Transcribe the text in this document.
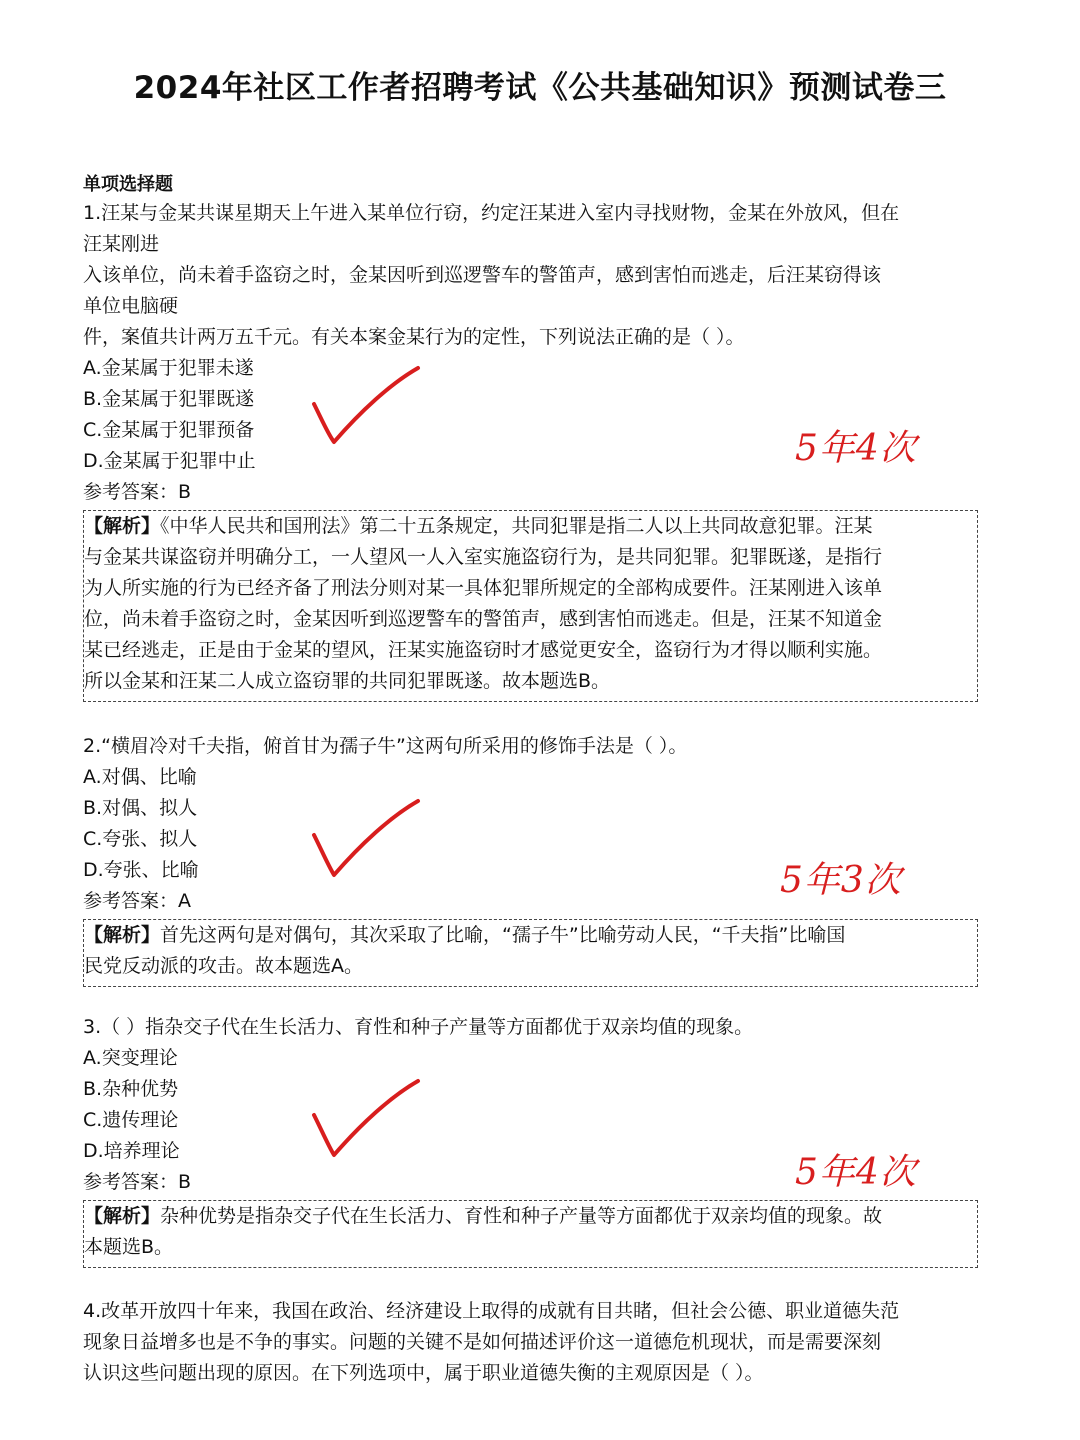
2024年社区工作者招聘考试《公共基础知识》预测试卷三
单项选择题
1.汪某与金某共谋星期天上午进入某单位行窃，约定汪某进入室内寻找财物，金某在外放风，但在
汪某刚进
入该单位，尚未着手盗窃之时，金某因听到巡逻警车的警笛声，感到害怕而逃走，后汪某窃得该
单位电脑硬
件，案值共计两万五千元。有关本案金某行为的定性，下列说法正确的是（ ）。
A.金某属于犯罪未遂
B.金某属于犯罪既遂
C.金某属于犯罪预备
D.金某属于犯罪中止
参考答案：B

【解析】《中华人民共和国刑法》第二十五条规定，共同犯罪是指二人以上共同故意犯罪。汪某

与金某共谋盗窃并明确分工，一人望风一人入室实施盗窃行为，是共同犯罪。犯罪既遂，是指行

为人所实施的行为已经齐备了刑法分则对某一具体犯罪所规定的全部构成要件。汪某刚进入该单

位，尚未着手盗窃之时，金某因听到巡逻警车的警笛声，感到害怕而逃走。但是，汪某不知道金

某已经逃走，正是由于金某的望风，汪某实施盗窃时才感觉更安全，盗窃行为才得以顺利实施。

所以金某和汪某二人成立盗窃罪的共同犯罪既遂。故本题选B。

2.“横眉冷对千夫指，俯首甘为孺子牛”这两句所采用的修饰手法是（ ）。
A.对偶、比喻
B.对偶、拟人
C.夸张、拟人
D.夸张、比喻
参考答案：A

【解析】首先这两句是对偶句，其次采取了比喻，“孺子牛”比喻劳动人民，“千夫指”比喻国

民党反动派的攻击。故本题选A。

3.（ ）指杂交子代在生长活力、育性和种子产量等方面都优于双亲均值的现象。
A.突变理论
B.杂种优势
C.遗传理论
D.培养理论
参考答案：B

【解析】杂种优势是指杂交子代在生长活力、育性和种子产量等方面都优于双亲均值的现象。故

本题选B。

4.改革开放四十年来，我国在政治、经济建设上取得的成就有目共睹，但社会公德、职业道德失范
现象日益增多也是不争的事实。问题的关键不是如何描述评价这一道德危机现状，而是需要深刻
认识这些问题出现的原因。在下列选项中，属于职业道德失衡的主观原因是（ ）。
5年4次
5年3次
5年4次
